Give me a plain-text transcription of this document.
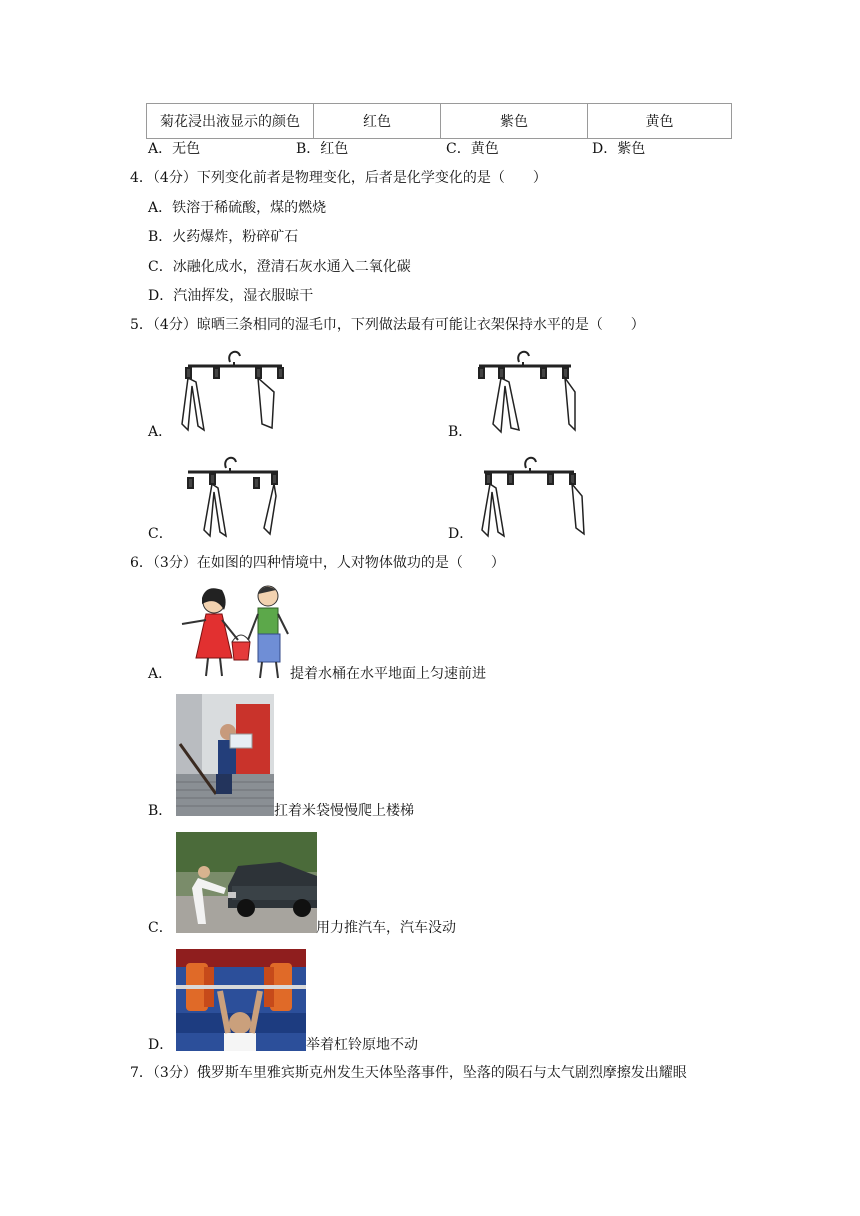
菊花浸出液显示的颜色	红色	紫色	黄色
A．无色	B．红色	C．黄色	D．紫色
4．（4分）下列变化前者是物理变化，后者是化学变化的是（　　）
A．铁溶于稀硫酸，煤的燃烧
B．火药爆炸，粉碎矿石
C．冰融化成水，澄清石灰水通入二氧化碳
D．汽油挥发，湿衣服晾干
5．（4分）晾晒三条相同的湿毛巾，下列做法最有可能让衣架保持水平的是（　　）
A．	B．
C．	D．
6．（3分）在如图的四种情境中，人对物体做功的是（　　）
A．	提着水桶在水平地面上匀速前进
B．	扛着米袋慢慢爬上楼梯
C．	用力推汽车，汽车没动
D．	举着杠铃原地不动
7．（3分）俄罗斯车里雅宾斯克州发生天体坠落事件，坠落的陨石与太气剧烈摩擦发出耀眼
